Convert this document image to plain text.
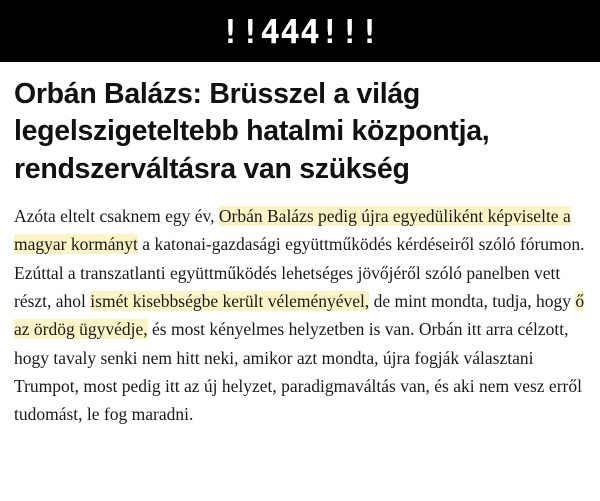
!!444!!!
Orbán Balázs: Brüsszel a világ legelszigeteltebb hatalmi központja, rendszerváltásra van szükség

Azóta eltelt csaknem egy év, Orbán Balázs pedig újra egyedüliként képviselte a magyar kormányt a katonai-gazdasági együttműködés kérdéseiről szóló fórumon. Ezúttal a transzatlanti együttműködés lehetséges jövőjéről szóló panelben vett részt, ahol ismét kisebbségbe került véleményével, de mint mondta, tudja, hogy ő az ördög ügyvédje, és most kényelmes helyzetben is van. Orbán itt arra célzott, hogy tavaly senki nem hitt neki, amikor azt mondta, újra fogják választani Trumpot, most pedig itt az új helyzet, paradigmaváltás van, és aki nem vesz erről tudomást, le fog maradni.
